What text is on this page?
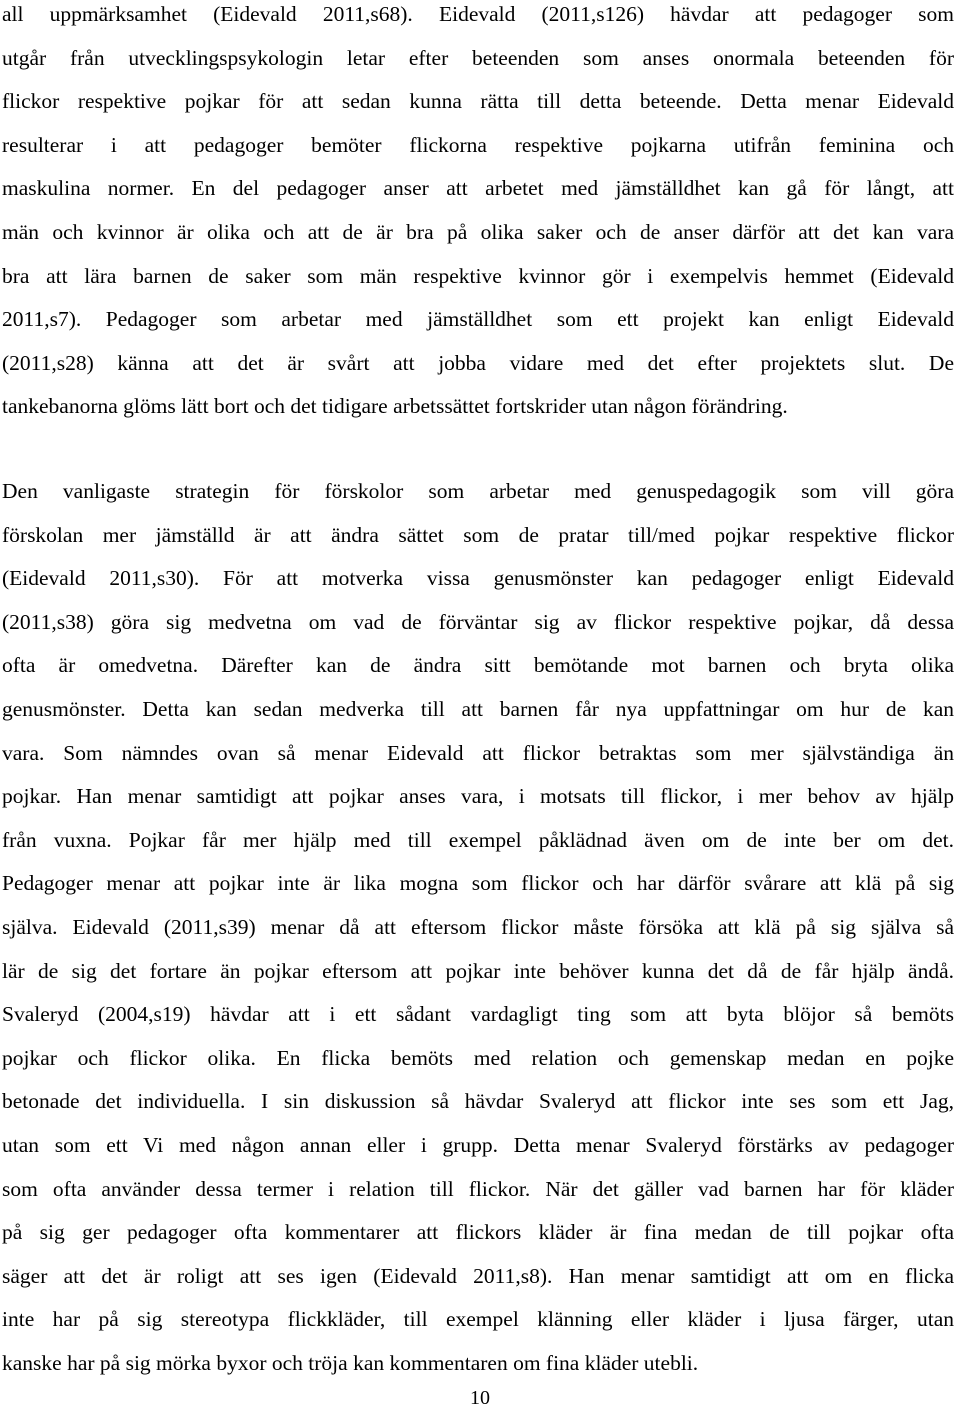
all uppmärksamhet (Eidevald 2011,s68). Eidevald (2011,s126) hävdar att pedagoger som
utgår från utvecklingspsykologin letar efter beteenden som anses onormala beteenden för
flickor respektive pojkar för att sedan kunna rätta till detta beteende. Detta menar Eidevald
resulterar i att pedagoger bemöter flickorna respektive pojkarna utifrån feminina och
maskulina normer. En del pedagoger anser att arbetet med jämställdhet kan gå för långt, att
män och kvinnor är olika och att de är bra på olika saker och de anser därför att det kan vara
bra att lära barnen de saker som män respektive kvinnor gör i exempelvis hemmet (Eidevald
2011,s7). Pedagoger som arbetar med jämställdhet som ett projekt kan enligt Eidevald
(2011,s28) känna att det är svårt att jobba vidare med det efter projektets slut. De
tankebanorna glöms lätt bort och det tidigare arbetssättet fortskrider utan någon förändring.
Den vanligaste strategin för förskolor som arbetar med genuspedagogik som vill göra
förskolan mer jämställd är att ändra sättet som de pratar till/med pojkar respektive flickor
(Eidevald 2011,s30). För att motverka vissa genusmönster kan pedagoger enligt Eidevald
(2011,s38) göra sig medvetna om vad de förväntar sig av flickor respektive pojkar, då dessa
ofta är omedvetna. Därefter kan de ändra sitt bemötande mot barnen och bryta olika
genusmönster. Detta kan sedan medverka till att barnen får nya uppfattningar om hur de kan
vara. Som nämndes ovan så menar Eidevald att flickor betraktas som mer självständiga än
pojkar. Han menar samtidigt att pojkar anses vara, i motsats till flickor, i mer behov av hjälp
från vuxna. Pojkar får mer hjälp med till exempel påklädnad även om de inte ber om det.
Pedagoger menar att pojkar inte är lika mogna som flickor och har därför svårare att klä på sig
själva. Eidevald (2011,s39) menar då att eftersom flickor måste försöka att klä på sig själva så
lär de sig det fortare än pojkar eftersom att pojkar inte behöver kunna det då de får hjälp ändå.
Svaleryd (2004,s19) hävdar att i ett sådant vardagligt ting som att byta blöjor så bemöts
pojkar och flickor olika. En flicka bemöts med relation och gemenskap medan en pojke
betonade det individuella. I sin diskussion så hävdar Svaleryd att flickor inte ses som ett Jag,
utan som ett Vi med någon annan eller i grupp. Detta menar Svaleryd förstärks av pedagoger
som ofta använder dessa termer i relation till flickor. När det gäller vad barnen har för kläder
på sig ger pedagoger ofta kommentarer att flickors kläder är fina medan de till pojkar ofta
säger att det är roligt att ses igen (Eidevald 2011,s8). Han menar samtidigt att om en flicka
inte har på sig stereotypa flickkläder, till exempel klänning eller kläder i ljusa färger, utan
kanske har på sig mörka byxor och tröja kan kommentaren om fina kläder utebli.
10
